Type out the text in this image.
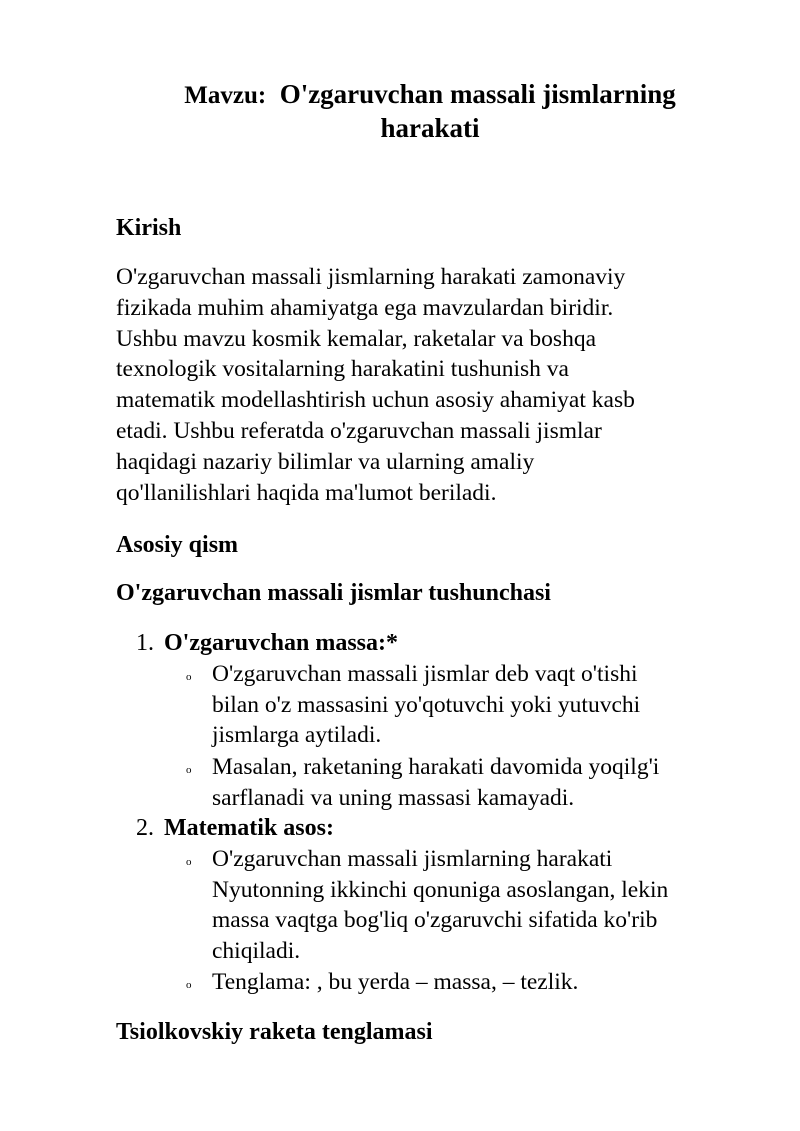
Mavzu: O'zgaruvchan massali jismlarning
harakati
Kirish
O'zgaruvchan massali jismlarning harakati zamonaviy
fizikada muhim ahamiyatga ega mavzulardan biridir.
Ushbu mavzu kosmik kemalar, raketalar va boshqa
texnologik vositalarning harakatini tushunish va
matematik modellashtirish uchun asosiy ahamiyat kasb
etadi. Ushbu referatda o'zgaruvchan massali jismlar
haqidagi nazariy bilimlar va ularning amaliy
qo'llanilishlari haqida ma'lumot beriladi.
Asosiy qism
O'zgaruvchan massali jismlar tushunchasi
1. O'zgaruvchan massa:*
o O'zgaruvchan massali jismlar deb vaqt o'tishi
bilan o'z massasini yo'qotuvchi yoki yutuvchi
jismlarga aytiladi.
o Masalan, raketaning harakati davomida yoqilg'i
sarflanadi va uning massasi kamayadi.
2. Matematik asos:
o O'zgaruvchan massali jismlarning harakati
Nyutonning ikkinchi qonuniga asoslangan, lekin
massa vaqtga bog'liq o'zgaruvchi sifatida ko'rib
chiqiladi.
o Tenglama: , bu yerda – massa, – tezlik.
Tsiolkovskiy raketa tenglamasi
